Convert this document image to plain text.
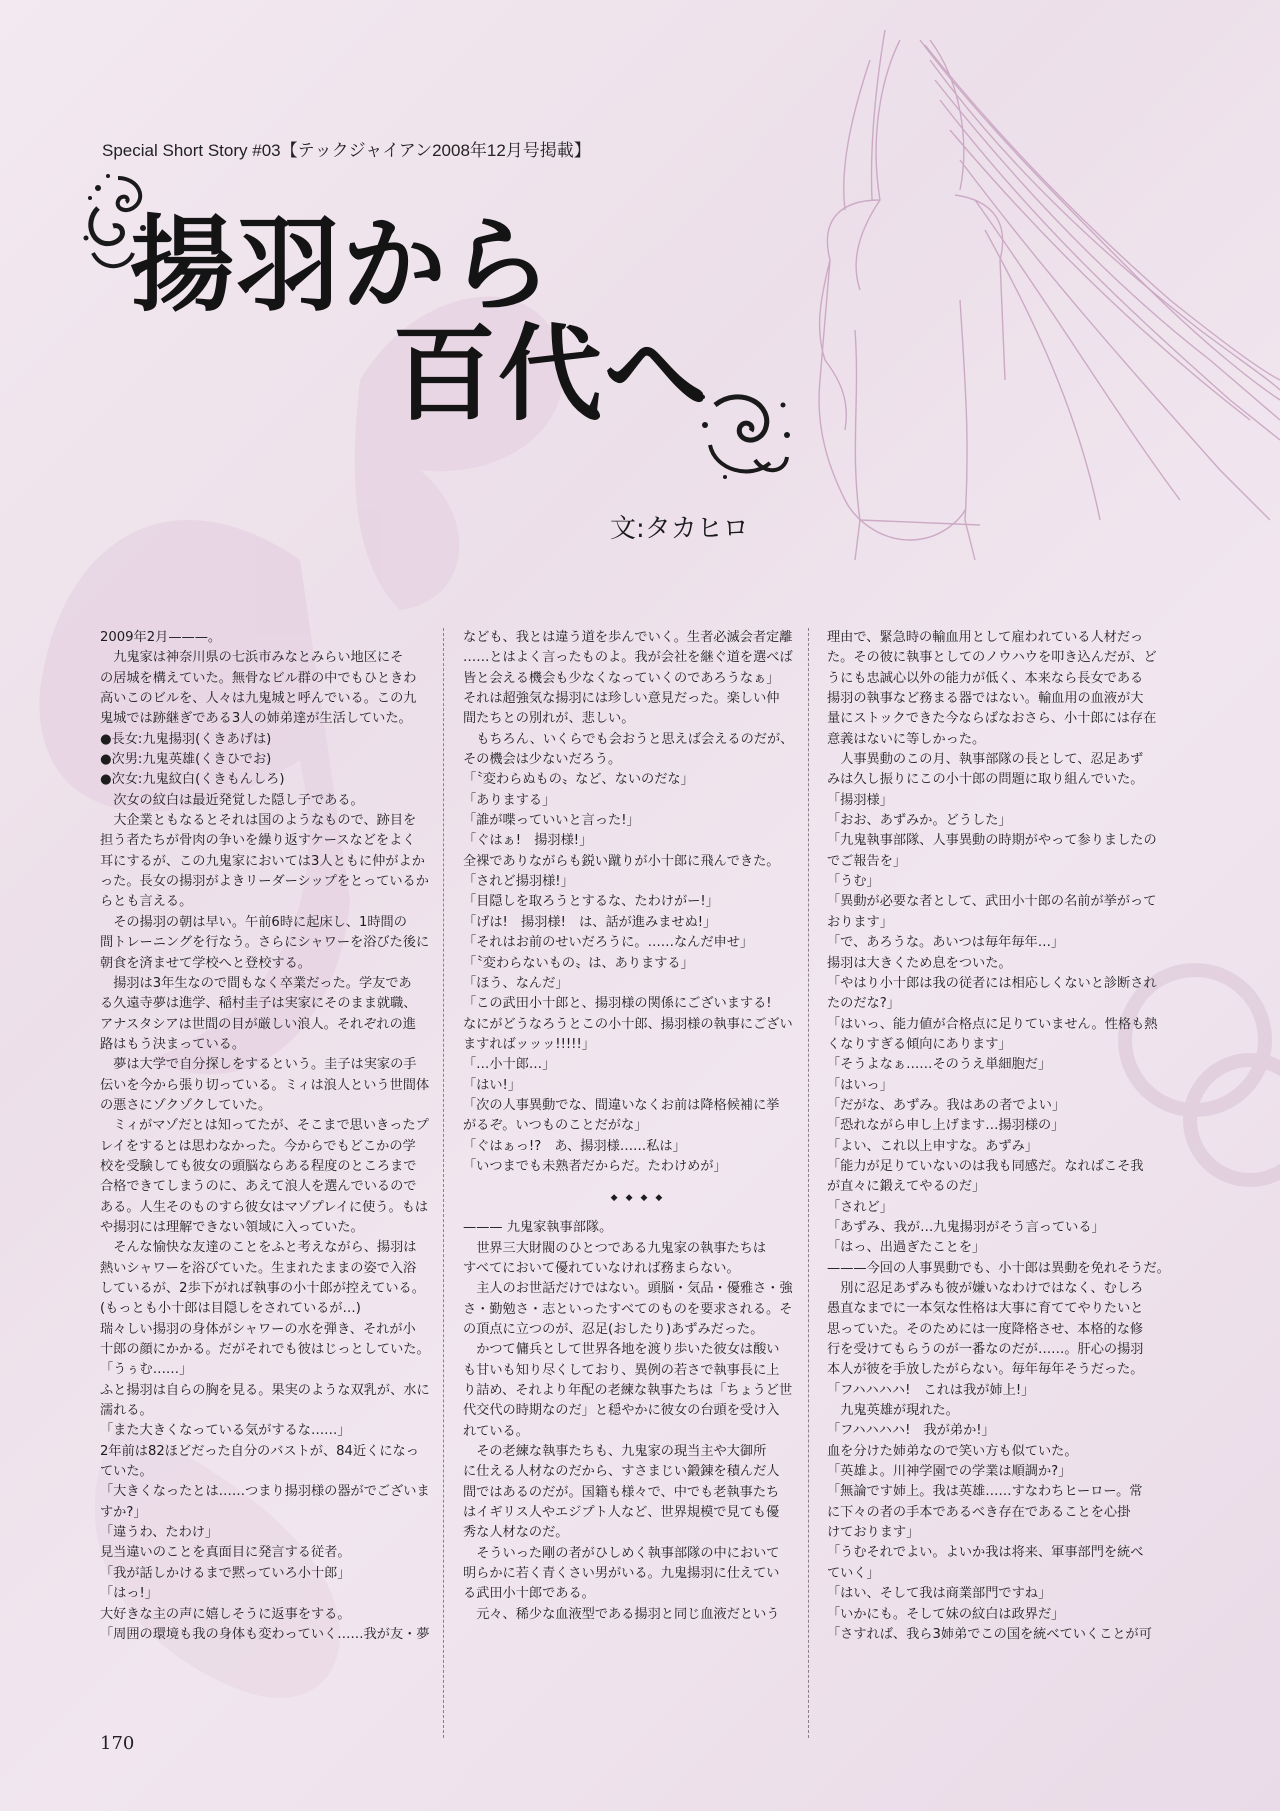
Special Short Story #03【テックジャイアン2008年12月号掲載】
揚羽から
百代へ
文:タカヒロ

2009年2月———。

九鬼家は神奈川県の七浜市みなとみらい地区にそ

の居城を構えていた。無骨なビル群の中でもひときわ

高いこのビルを、人々は九鬼城と呼んでいる。この九

鬼城では跡継ぎである3人の姉弟達が生活していた。

●長女:九鬼揚羽(くきあげは)

●次男:九鬼英雄(くきひでお)

●次女:九鬼紋白(くきもんしろ)

次女の紋白は最近発覚した隠し子である。

大企業ともなるとそれは国のようなもので、跡目を

担う者たちが骨肉の争いを繰り返すケースなどをよく

耳にするが、この九鬼家においては3人ともに仲がよか

った。長女の揚羽がよきリーダーシップをとっているか

らとも言える。

その揚羽の朝は早い。午前6時に起床し、1時間の

間トレーニングを行なう。さらにシャワーを浴びた後に

朝食を済ませて学校へと登校する。

揚羽は3年生なので間もなく卒業だった。学友であ

る久遠寺夢は進学、稲村圭子は実家にそのまま就職、

アナスタシアは世間の目が厳しい浪人。それぞれの進

路はもう決まっている。

夢は大学で自分探しをするという。圭子は実家の手

伝いを今から張り切っている。ミィは浪人という世間体

の悪さにゾクゾクしていた。

ミィがマゾだとは知ってたが、そこまで思いきったプ

レイをするとは思わなかった。今からでもどこかの学

校を受験しても彼女の頭脳ならある程度のところまで

合格できてしまうのに、あえて浪人を選んでいるので

ある。人生そのものすら彼女はマゾプレイに使う。もは

や揚羽には理解できない領域に入っていた。

そんな愉快な友達のことをふと考えながら、揚羽は

熱いシャワーを浴びていた。生まれたままの姿で入浴

しているが、2歩下がれば執事の小十郎が控えている。

(もっとも小十郎は目隠しをされているが…)

瑞々しい揚羽の身体がシャワーの水を弾き、それが小

十郎の顔にかかる。だがそれでも彼はじっとしていた。

「うぅむ……」

ふと揚羽は自らの胸を見る。果実のような双乳が、水に

濡れる。

「また大きくなっている気がするな……」

2年前は82ほどだった自分のバストが、84近くになっ

ていた。

「大きくなったとは……つまり揚羽様の器がでございま

すか?」

「違うわ、たわけ」

見当違いのことを真面目に発言する従者。

「我が話しかけるまで黙っていろ小十郎」

「はっ!」

大好きな主の声に嬉しそうに返事をする。

「周囲の環境も我の身体も変わっていく……我が友・夢

なども、我とは違う道を歩んでいく。生者必滅会者定離

……とはよく言ったものよ。我が会社を継ぐ道を選べば

皆と会える機会も少なくなっていくのであろうなぁ」

それは超強気な揚羽には珍しい意見だった。楽しい仲

間たちとの別れが、悲しい。

もちろん、いくらでも会おうと思えば会えるのだが、

その機会は少ないだろう。

「〝変わらぬもの〟など、ないのだな」

「ありまする」

「誰が喋っていいと言った!」

「ぐはぁ!　揚羽様!」

全裸でありながらも鋭い蹴りが小十郎に飛んできた。

「されど揚羽様!」

「目隠しを取ろうとするな、たわけがー!」

「げは!　揚羽様!　は、話が進みませぬ!」

「それはお前のせいだろうに。……なんだ申せ」

「〝変わらないもの〟は、ありまする」

「ほう、なんだ」

「この武田小十郎と、揚羽様の関係にございまする!

なにがどうなろうとこの小十郎、揚羽様の執事にござい

ますればッッッ!!!!!」

「…小十郎…」

「はい!」

「次の人事異動でな、間違いなくお前は降格候補に挙

がるぞ。いつものことだがな」

「ぐはぁっ!?　あ、揚羽様……私は」

「いつまでも未熟者だからだ。たわけめが」

◆◆◆◆

——— 九鬼家執事部隊。

世界三大財閥のひとつである九鬼家の執事たちは

すべてにおいて優れていなければ務まらない。

主人のお世話だけではない。頭脳・気品・優雅さ・強

さ・勤勉さ・志といったすべてのものを要求される。そ

の頂点に立つのが、忍足(おしたり)あずみだった。

かつて傭兵として世界各地を渡り歩いた彼女は酸い

も甘いも知り尽くしており、異例の若さで執事長に上

り詰め、それより年配の老練な執事たちは「ちょうど世

代交代の時期なのだ」と穏やかに彼女の台頭を受け入

れている。

その老練な執事たちも、九鬼家の現当主や大御所

に仕える人材なのだから、すさまじい鍛錬を積んだ人

間ではあるのだが。国籍も様々で、中でも老執事たち

はイギリス人やエジプト人など、世界規模で見ても優

秀な人材なのだ。

そういった剛の者がひしめく執事部隊の中において

明らかに若く青くさい男がいる。九鬼揚羽に仕えてい

る武田小十郎である。

元々、稀少な血液型である揚羽と同じ血液だという

理由で、緊急時の輸血用として雇われている人材だっ

た。その彼に執事としてのノウハウを叩き込んだが、ど

うにも忠誠心以外の能力が低く、本来なら長女である

揚羽の執事など務まる器ではない。輸血用の血液が大

量にストックできた今ならばなおさら、小十郎には存在

意義はないに等しかった。

人事異動のこの月、執事部隊の長として、忍足あず

みは久し振りにこの小十郎の問題に取り組んでいた。

「揚羽様」

「おお、あずみか。どうした」

「九鬼執事部隊、人事異動の時期がやって参りましたの

でご報告を」

「うむ」

「異動が必要な者として、武田小十郎の名前が挙がって

おります」

「で、あろうな。あいつは毎年毎年…」

揚羽は大きくため息をついた。

「やはり小十郎は我の従者には相応しくないと診断され

たのだな?」

「はいっ、能力値が合格点に足りていません。性格も熱

くなりすぎる傾向にあります」

「そうよなぁ……そのうえ単細胞だ」

「はいっ」

「だがな、あずみ。我はあの者でよい」

「恐れながら申し上げます…揚羽様の」

「よい、これ以上申すな。あずみ」

「能力が足りていないのは我も同感だ。なればこそ我

が直々に鍛えてやるのだ」

「されど」

「あずみ、我が…九鬼揚羽がそう言っている」

「はっ、出過ぎたことを」

———今回の人事異動でも、小十郎は異動を免れそうだ。

別に忍足あずみも彼が嫌いなわけではなく、むしろ

愚直なまでに一本気な性格は大事に育ててやりたいと

思っていた。そのためには一度降格させ、本格的な修

行を受けてもらうのが一番なのだが……。肝心の揚羽

本人が彼を手放したがらない。毎年毎年そうだった。

「フハハハハ!　これは我が姉上!」

九鬼英雄が現れた。

「フハハハハ!　我が弟か!」

血を分けた姉弟なので笑い方も似ていた。

「英雄よ。川神学園での学業は順調か?」

「無論です姉上。我は英雄……すなわちヒーロー。常

に下々の者の手本であるべき存在であることを心掛

けております」

「うむそれでよい。よいか我は将来、軍事部門を統べ

ていく」

「はい、そして我は商業部門ですね」

「いかにも。そして妹の紋白は政界だ」

「さすれば、我ら3姉弟でこの国を統べていくことが可

170
